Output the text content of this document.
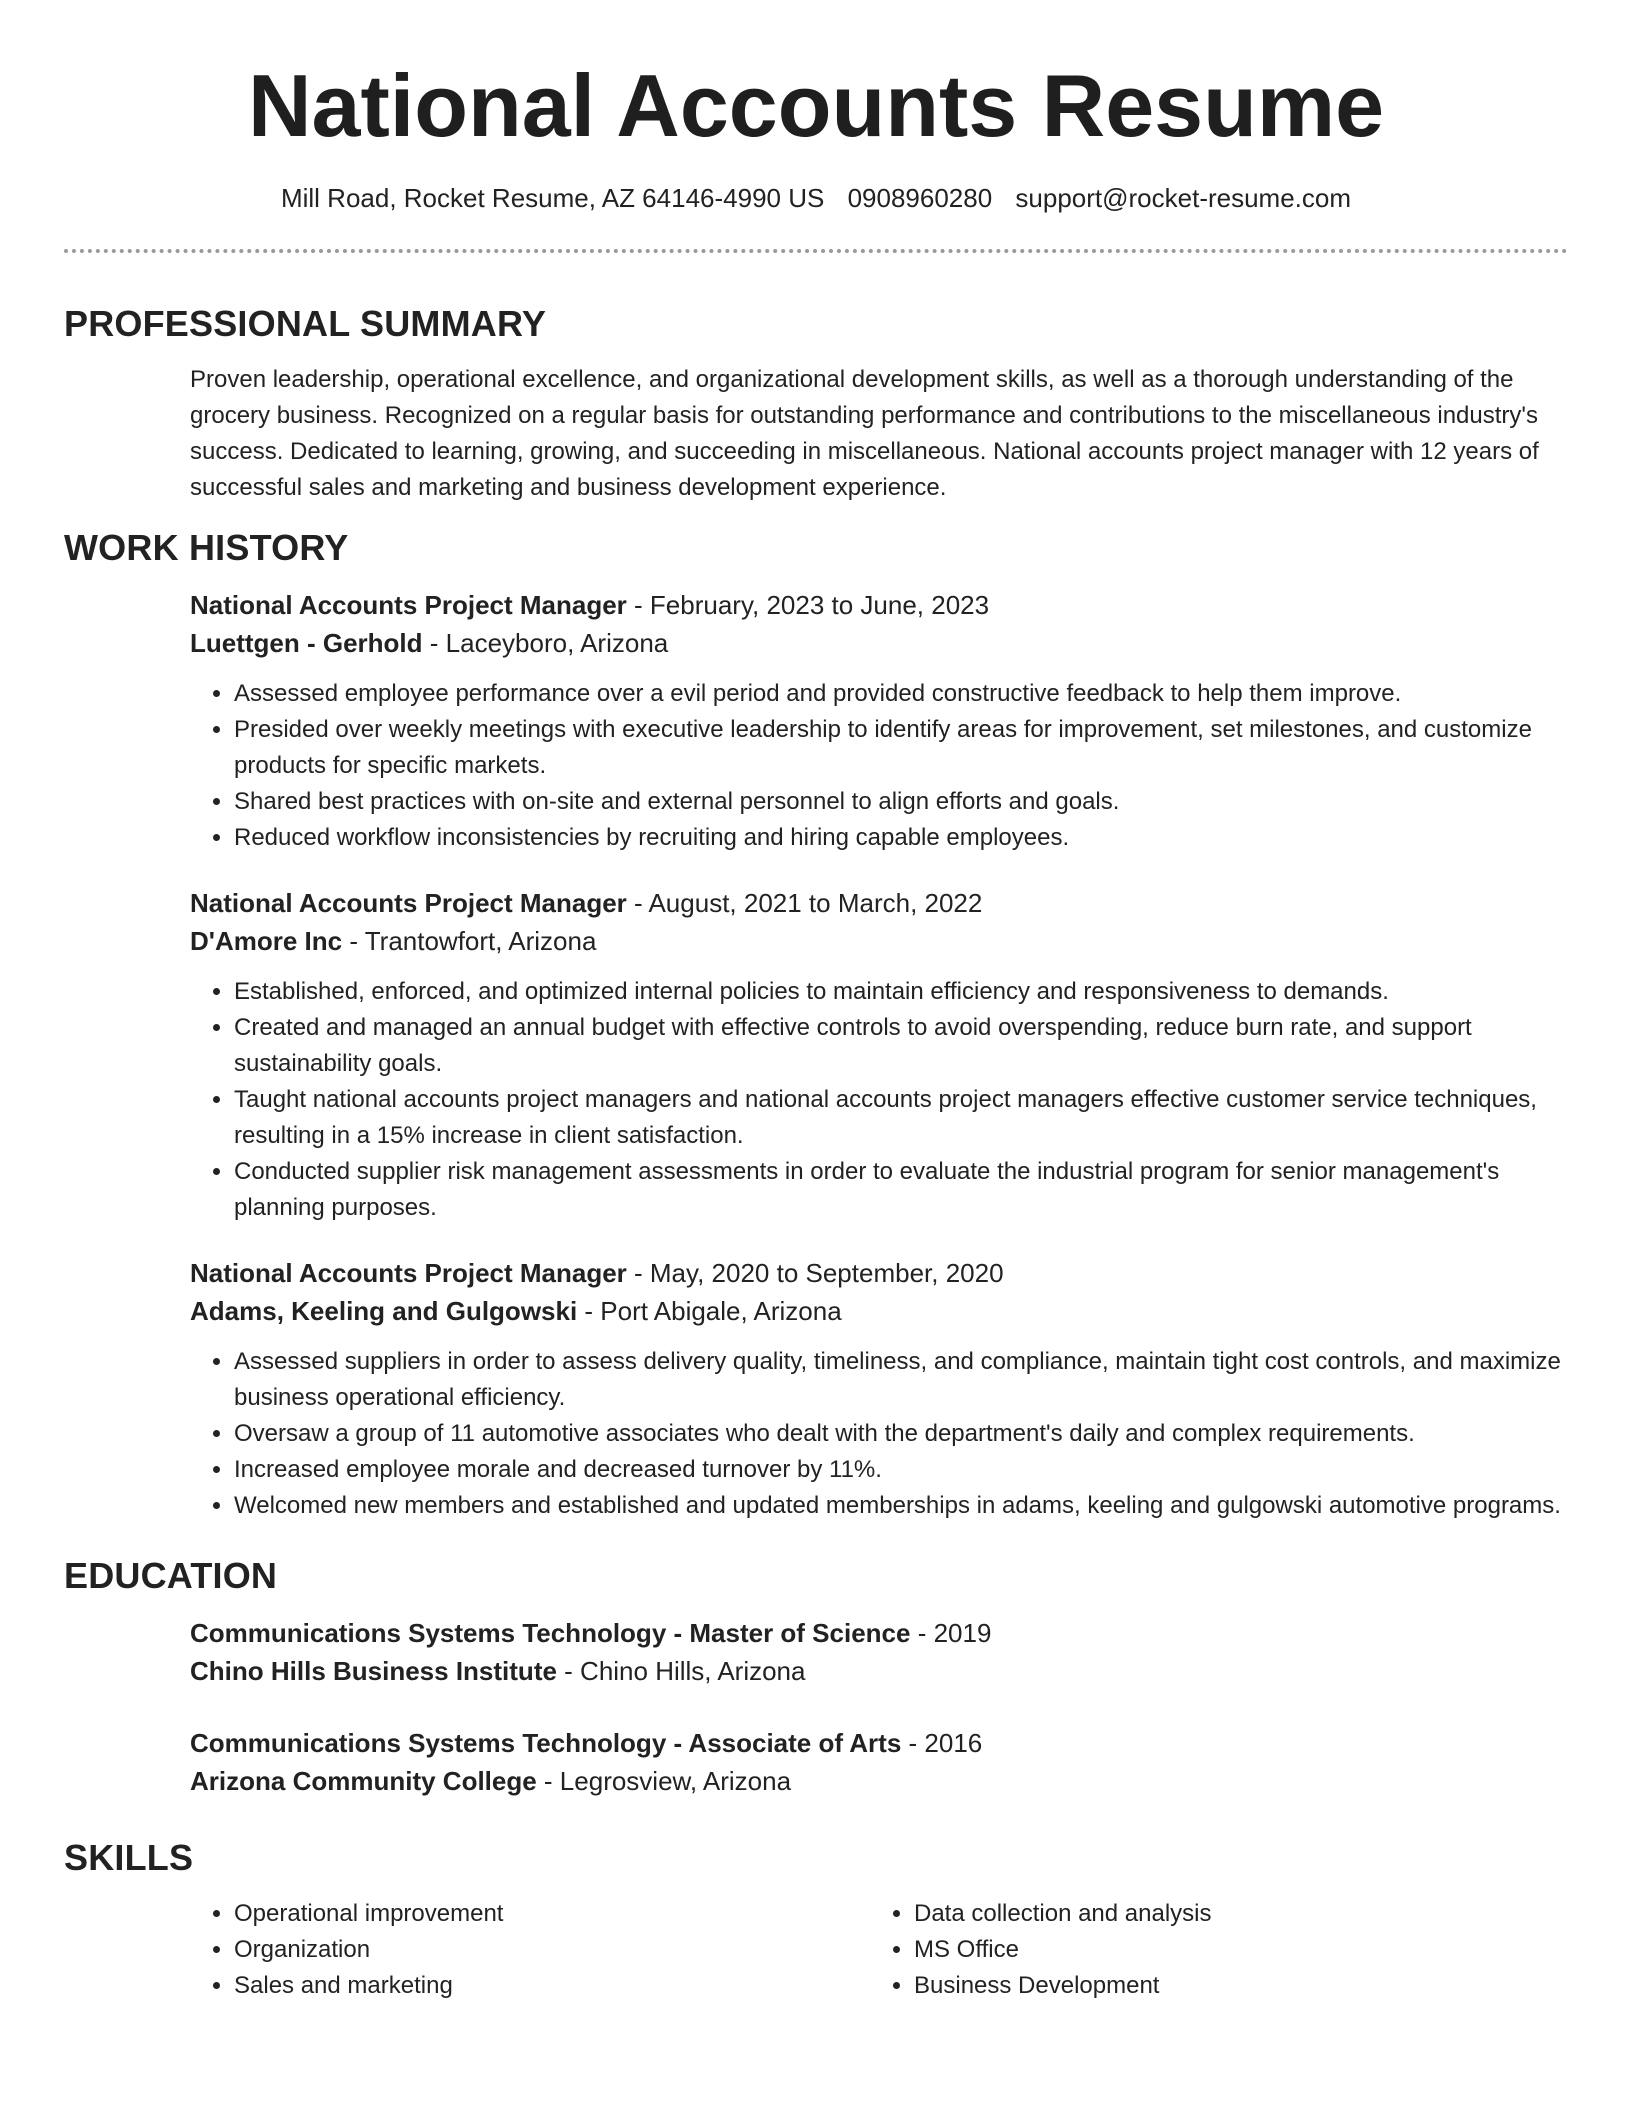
National Accounts Resume
Mill Road, Rocket Resume, AZ 64146-4990 US 0908960280 support@rocket-resume.com
PROFESSIONAL SUMMARY
Proven leadership, operational excellence, and organizational development skills, as well as a thorough understanding of the grocery business. Recognized on a regular basis for outstanding performance and contributions to the miscellaneous industry's success. Dedicated to learning, growing, and succeeding in miscellaneous. National accounts project manager with 12 years of successful sales and marketing and business development experience.
WORK HISTORY
National Accounts Project Manager - February, 2023 to June, 2023
Luettgen - Gerhold - Laceyboro, Arizona
• Assessed employee performance over a evil period and provided constructive feedback to help them improve.
• Presided over weekly meetings with executive leadership to identify areas for improvement, set milestones, and customize products for specific markets.
• Shared best practices with on-site and external personnel to align efforts and goals.
• Reduced workflow inconsistencies by recruiting and hiring capable employees.
National Accounts Project Manager - August, 2021 to March, 2022
D'Amore Inc - Trantowfort, Arizona
• Established, enforced, and optimized internal policies to maintain efficiency and responsiveness to demands.
• Created and managed an annual budget with effective controls to avoid overspending, reduce burn rate, and support sustainability goals.
• Taught national accounts project managers and national accounts project managers effective customer service techniques, resulting in a 15% increase in client satisfaction.
• Conducted supplier risk management assessments in order to evaluate the industrial program for senior management's planning purposes.
National Accounts Project Manager - May, 2020 to September, 2020
Adams, Keeling and Gulgowski - Port Abigale, Arizona
• Assessed suppliers in order to assess delivery quality, timeliness, and compliance, maintain tight cost controls, and maximize business operational efficiency.
• Oversaw a group of 11 automotive associates who dealt with the department's daily and complex requirements.
• Increased employee morale and decreased turnover by 11%.
• Welcomed new members and established and updated memberships in adams, keeling and gulgowski automotive programs.
EDUCATION
Communications Systems Technology - Master of Science - 2019
Chino Hills Business Institute - Chino Hills, Arizona
Communications Systems Technology - Associate of Arts - 2016
Arizona Community College - Legrosview, Arizona
SKILLS
• Operational improvement
• Organization
• Sales and marketing
• Data collection and analysis
• MS Office
• Business Development
